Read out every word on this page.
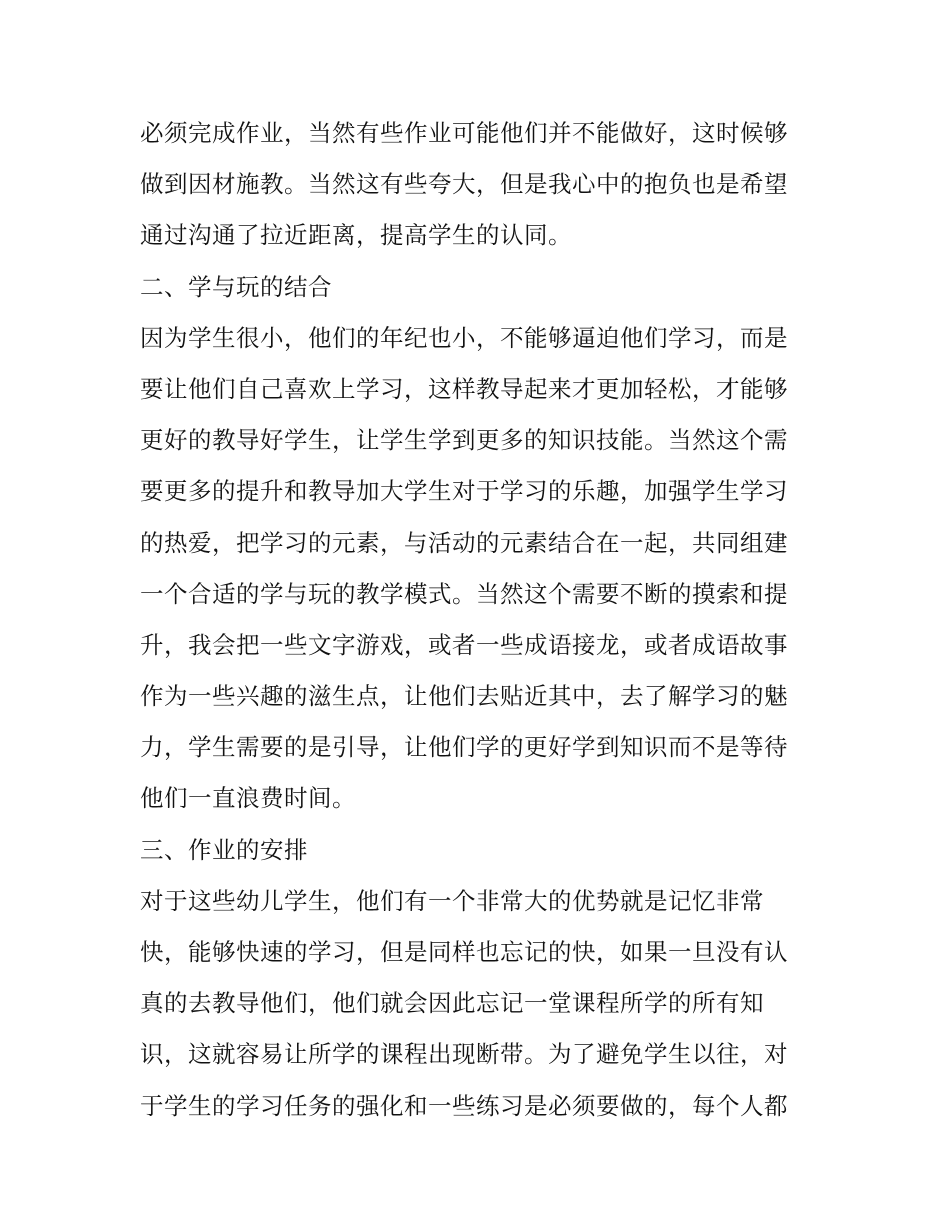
必须完成作业，当然有些作业可能他们并不能做好，这时候够
做到因材施教。当然这有些夸大，但是我心中的抱负也是希望
通过沟通了拉近距离，提高学生的认同。
二、学与玩的结合
因为学生很小，他们的年纪也小，不能够逼迫他们学习，而是
要让他们自己喜欢上学习，这样教导起来才更加轻松，才能够
更好的教导好学生，让学生学到更多的知识技能。当然这个需
要更多的提升和教导加大学生对于学习的乐趣，加强学生学习
的热爱，把学习的元素，与活动的元素结合在一起，共同组建
一个合适的学与玩的教学模式。当然这个需要不断的摸索和提
升，我会把一些文字游戏，或者一些成语接龙，或者成语故事
作为一些兴趣的滋生点，让他们去贴近其中，去了解学习的魅
力，学生需要的是引导，让他们学的更好学到知识而不是等待
他们一直浪费时间。
三、作业的安排
对于这些幼儿学生，他们有一个非常大的优势就是记忆非常
快，能够快速的学习，但是同样也忘记的快，如果一旦没有认
真的去教导他们，他们就会因此忘记一堂课程所学的所有知
识，这就容易让所学的课程出现断带。为了避免学生以往，对
于学生的学习任务的强化和一些练习是必须要做的，每个人都
